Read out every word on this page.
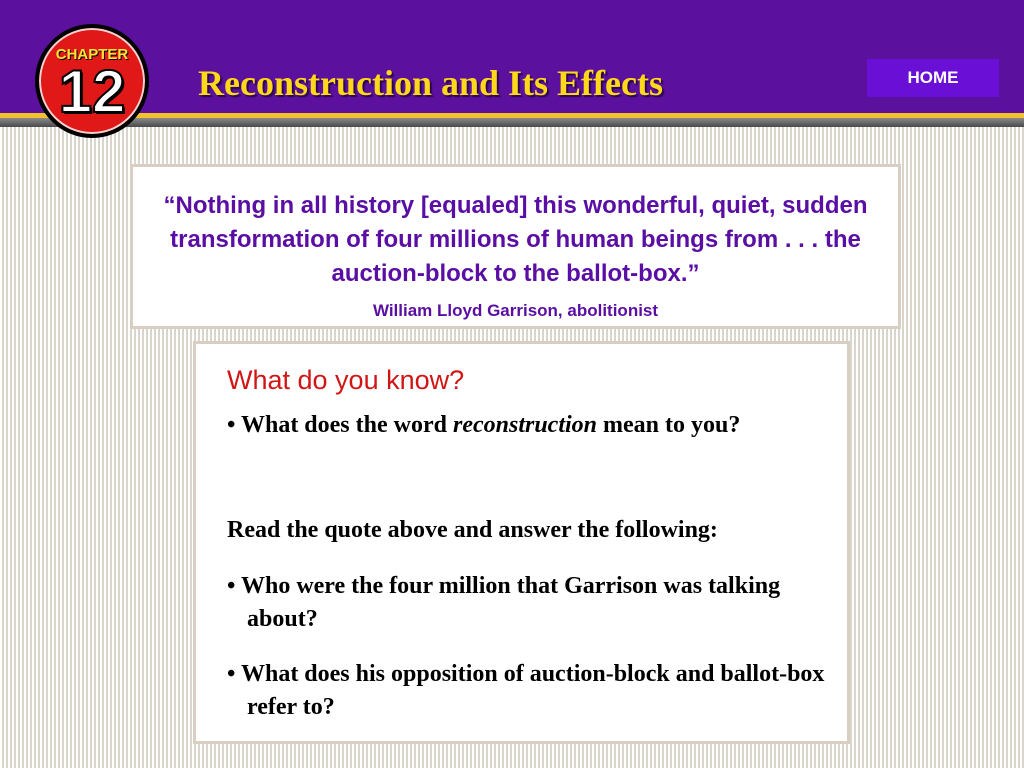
CHAPTER
12	Reconstruction and Its Effects	HOME
“Nothing in all history [equaled] this wonderful, quiet, sudden transformation of four millions of human beings from . . . the auction-block to the ballot-box.”
William Lloyd Garrison, abolitionist
What do you know?
• What does the word reconstruction mean to you?
Read the quote above and answer the following:
• Who were the four million that Garrison was talking about?
• What does his opposition of auction-block and ballot-box refer to?
